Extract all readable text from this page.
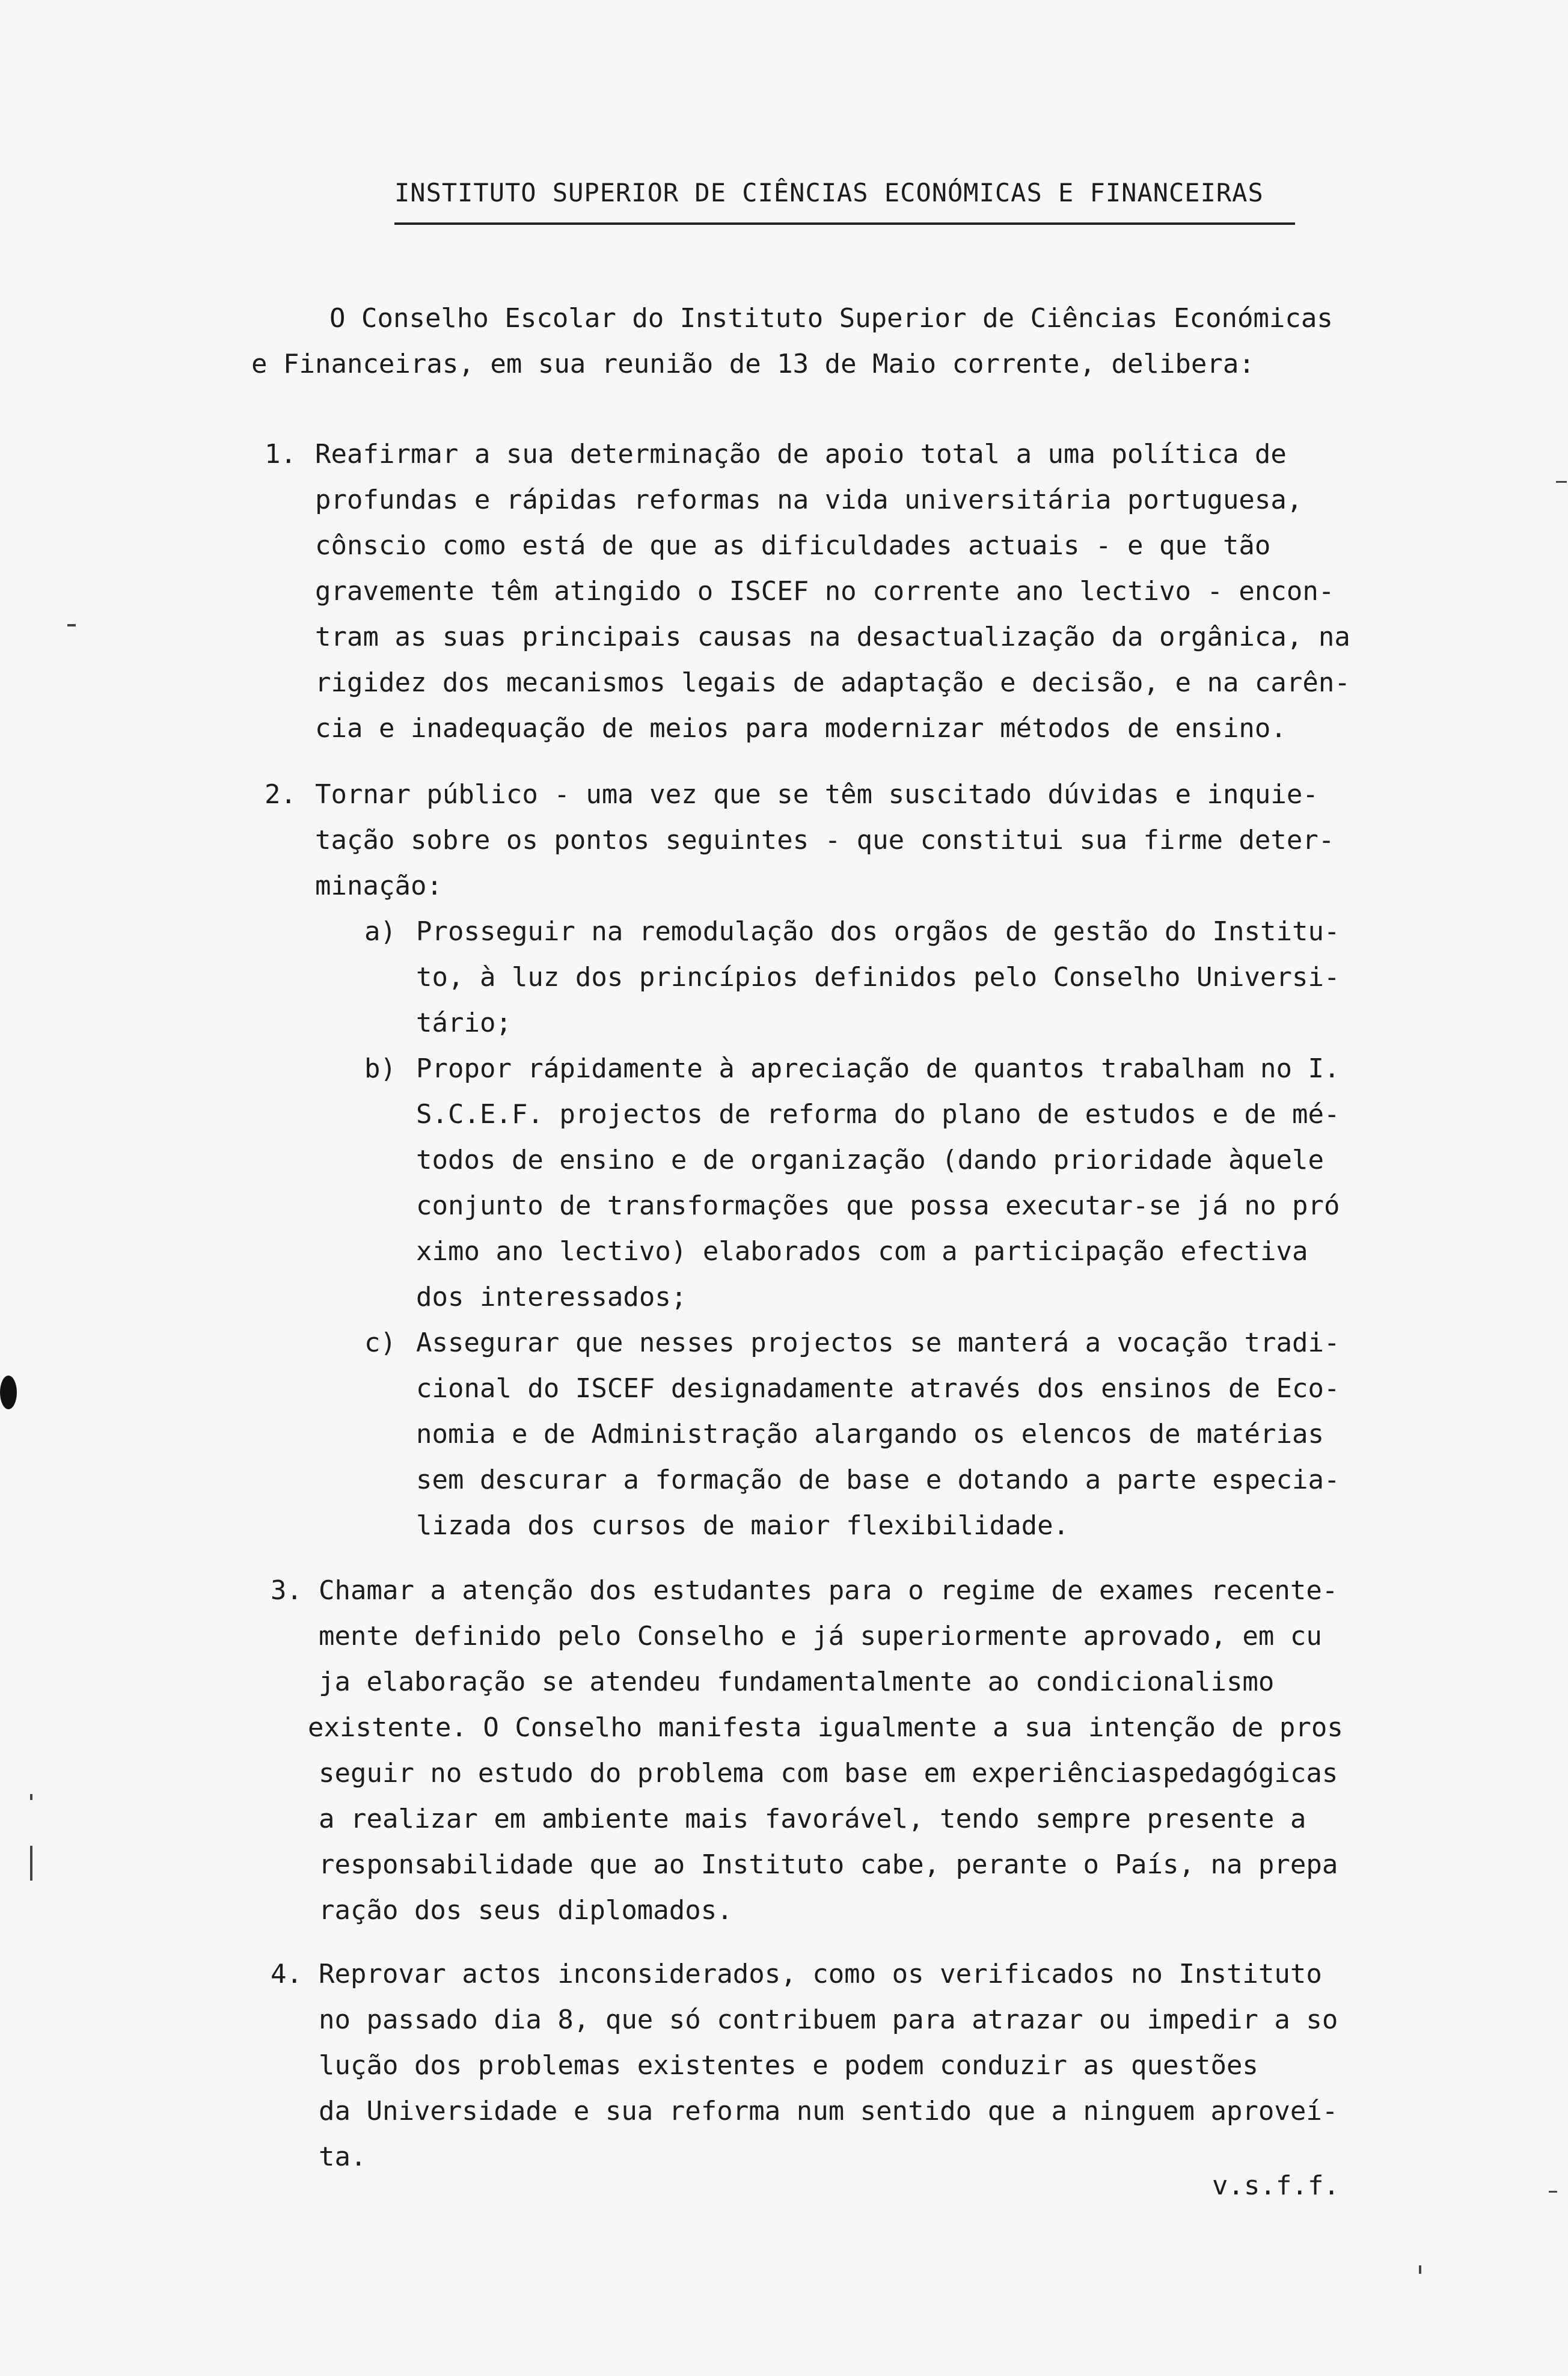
INSTITUTO SUPERIOR DE CIÊNCIAS ECONÓMICAS E FINANCEIRAS
O Conselho Escolar do Instituto Superior de Ciências Económicas
e Financeiras, em sua reunião de 13 de Maio corrente, delibera:
1. Reafirmar a sua determinação de apoio total a uma política de
profundas e rápidas reformas na vida universitária portuguesa,
cônscio como está de que as dificuldades actuais - e que tão
gravemente têm atingido o ISCEF no corrente ano lectivo - encon-
tram as suas principais causas na desactualização da orgânica, na
rigidez dos mecanismos legais de adaptação e decisão, e na carên-
cia e inadequação de meios para modernizar métodos de ensino.
2. Tornar público - uma vez que se têm suscitado dúvidas e inquie-
tação sobre os pontos seguintes - que constitui sua firme deter-
minação:
a) Prosseguir na remodulação dos orgãos de gestão do Institu-
to, à luz dos princípios definidos pelo Conselho Universi-
tário;
b) Propor rápidamente à apreciação de quantos trabalham no I.
S.C.E.F. projectos de reforma do plano de estudos e de mé-
todos de ensino e de organização (dando prioridade àquele
conjunto de transformações que possa executar-se já no pró
ximo ano lectivo) elaborados com a participação efectiva
dos interessados;
c) Assegurar que nesses projectos se manterá a vocação tradi-
cional do ISCEF designadamente através dos ensinos de Eco-
nomia e de Administração alargando os elencos de matérias
sem descurar a formação de base e dotando a parte especia-
lizada dos cursos de maior flexibilidade.
3. Chamar a atenção dos estudantes para o regime de exames recente-
mente definido pelo Conselho e já superiormente aprovado, em cu
ja elaboração se atendeu fundamentalmente ao condicionalismo
existente. O Conselho manifesta igualmente a sua intenção de pros
seguir no estudo do problema com base em experiênciaspedagógicas
a realizar em ambiente mais favorável, tendo sempre presente a
responsabilidade que ao Instituto cabe, perante o País, na prepa
ração dos seus diplomados.
4. Reprovar actos inconsiderados, como os verificados no Instituto
no passado dia 8, que só contribuem para atrazar ou impedir a so
lução dos problemas existentes e podem conduzir as questões
da Universidade e sua reforma num sentido que a ninguem aproveí-
ta.
v.s.f.f.
